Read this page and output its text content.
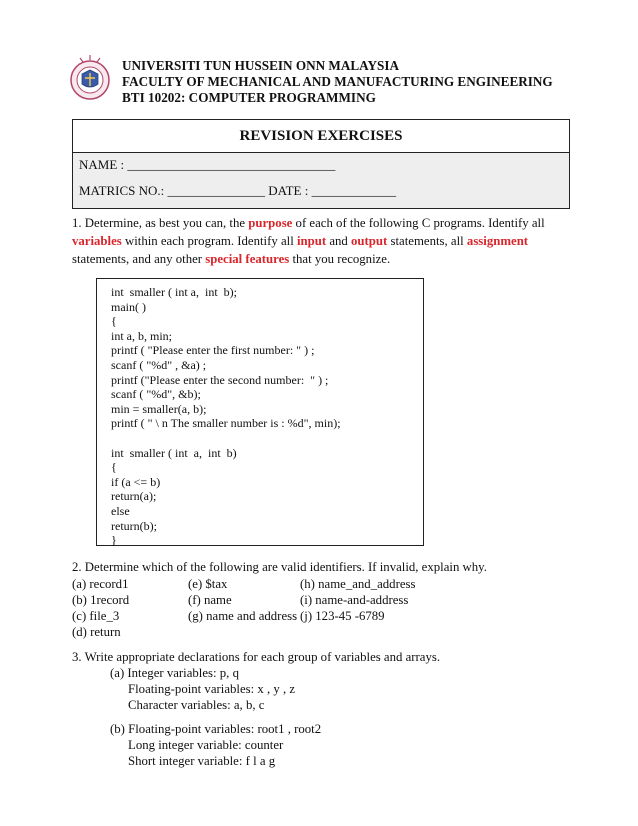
UNIVERSITI TUN HUSSEIN ONN MALAYSIA
FACULTY OF MECHANICAL AND MANUFACTURING ENGINEERING
BTI 10202: COMPUTER PROGRAMMING
REVISION EXERCISES
NAME : ________________________________
MATRICS NO.: _______________ DATE : _____________
1. Determine, as best you can, the purpose of each of the following C programs. Identify all
variables within each program. Identify all input and output statements, all assignment
statements, and any other special features that you recognize.
int  smaller ( int a,  int  b);
main( )
{
int a, b, min;
printf ( "Please enter the first number: " ) ;
scanf ( "%d" , &a) ;
printf ("Please enter the second number:  " ) ;
scanf ( "%d", &b);
min = smaller(a, b);
printf ( " \ n The smaller number is : %d", min);
int  smaller ( int  a,  int  b)
{
if (a <= b)
return(a);
else
return(b);
}
2. Determine which of the following are valid identifiers. If invalid, explain why.
(a) record1	(e) $tax	(h) name_and_address
(b) 1record	(f) name	(i) name-and-address
(c) file_3	(g) name and address (j) 123-45 -6789
(d) return
3. Write appropriate declarations for each group of variables and arrays.
(a) Integer variables: p, q
Floating-point variables: x , y , z
Character variables: a, b, c
(b) Floating-point variables: root1 , root2
Long integer variable: counter
Short integer variable: f l a g
